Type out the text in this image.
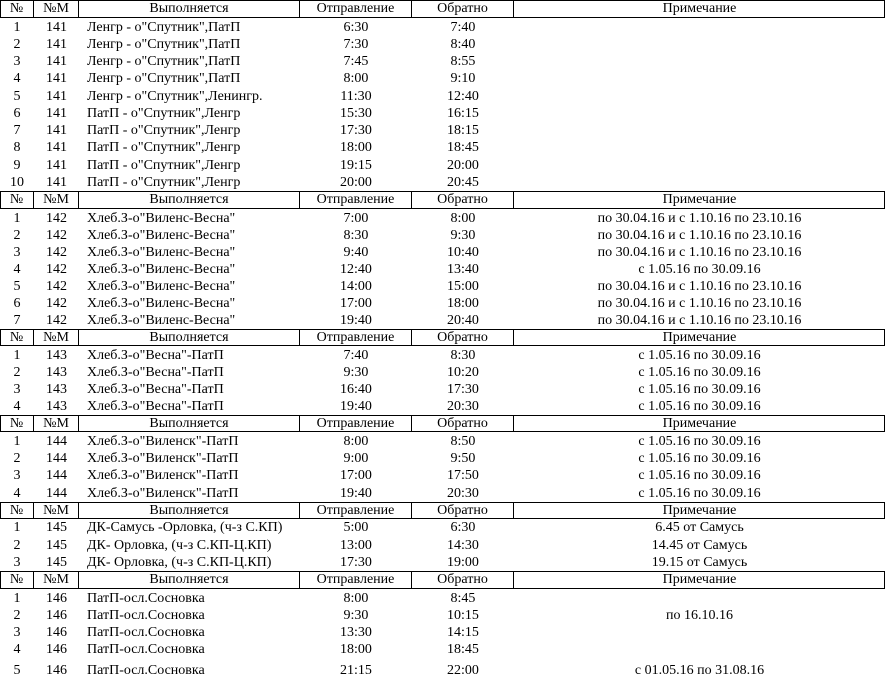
№	№М	Выполняется	Отправление	Обратно	Примечание
1	141	Ленгр - о"Спутник",ПатП	6:30	7:40
2	141	Ленгр - о"Спутник",ПатП	7:30	8:40
3	141	Ленгр - о"Спутник",ПатП	7:45	8:55
4	141	Ленгр - о"Спутник",ПатП	8:00	9:10
5	141	Ленгр - о"Спутник",Ленингр.	11:30	12:40
6	141	ПатП - о"Спутник",Ленгр	15:30	16:15
7	141	ПатП - о"Спутник",Ленгр	17:30	18:15
8	141	ПатП - о"Спутник",Ленгр	18:00	18:45
9	141	ПатП - о"Спутник",Ленгр	19:15	20:00
10	141	ПатП - о"Спутник",Ленгр	20:00	20:45
№	№М	Выполняется	Отправление	Обратно	Примечание
1	142	Хлеб.З-о"Виленс-Весна"	7:00	8:00	по 30.04.16 и с 1.10.16 по 23.10.16
2	142	Хлеб.З-о"Виленс-Весна"	8:30	9:30	по 30.04.16 и с 1.10.16 по 23.10.16
3	142	Хлеб.З-о"Виленс-Весна"	9:40	10:40	по 30.04.16 и с 1.10.16 по 23.10.16
4	142	Хлеб.З-о"Виленс-Весна"	12:40	13:40	с 1.05.16 по 30.09.16
5	142	Хлеб.З-о"Виленс-Весна"	14:00	15:00	по 30.04.16 и с 1.10.16 по 23.10.16
6	142	Хлеб.З-о"Виленс-Весна"	17:00	18:00	по 30.04.16 и с 1.10.16 по 23.10.16
7	142	Хлеб.З-о"Виленс-Весна"	19:40	20:40	по 30.04.16 и с 1.10.16 по 23.10.16
№	№М	Выполняется	Отправление	Обратно	Примечание
1	143	Хлеб.З-о"Весна"-ПатП	7:40	8:30	с 1.05.16 по 30.09.16
2	143	Хлеб.З-о"Весна"-ПатП	9:30	10:20	с 1.05.16 по 30.09.16
3	143	Хлеб.З-о"Весна"-ПатП	16:40	17:30	с 1.05.16 по 30.09.16
4	143	Хлеб.З-о"Весна"-ПатП	19:40	20:30	с 1.05.16 по 30.09.16
№	№М	Выполняется	Отправление	Обратно	Примечание
1	144	Хлеб.З-о"Виленск"-ПатП	8:00	8:50	с 1.05.16 по 30.09.16
2	144	Хлеб.З-о"Виленск"-ПатП	9:00	9:50	с 1.05.16 по 30.09.16
3	144	Хлеб.З-о"Виленск"-ПатП	17:00	17:50	с 1.05.16 по 30.09.16
4	144	Хлеб.З-о"Виленск"-ПатП	19:40	20:30	с 1.05.16 по 30.09.16
№	№М	Выполняется	Отправление	Обратно	Примечание
1	145	ДК-Самусь -Орловка, (ч-з С.КП)	5:00	6:30	6.45 от Самусь
2	145	ДК- Орловка, (ч-з С.КП-Ц.КП)	13:00	14:30	14.45 от Самусь
3	145	ДК- Орловка, (ч-з С.КП-Ц.КП)	17:30	19:00	19.15 от Самусь
№	№М	Выполняется	Отправление	Обратно	Примечание
1	146	ПатП-осл.Сосновка	8:00	8:45
2	146	ПатП-осл.Сосновка	9:30	10:15	по 16.10.16
3	146	ПатП-осл.Сосновка	13:30	14:15
4	146	ПатП-осл.Сосновка	18:00	18:45
5	146	ПатП-осл.Сосновка	21:15	22:00	с 01.05.16 по 31.08.16
